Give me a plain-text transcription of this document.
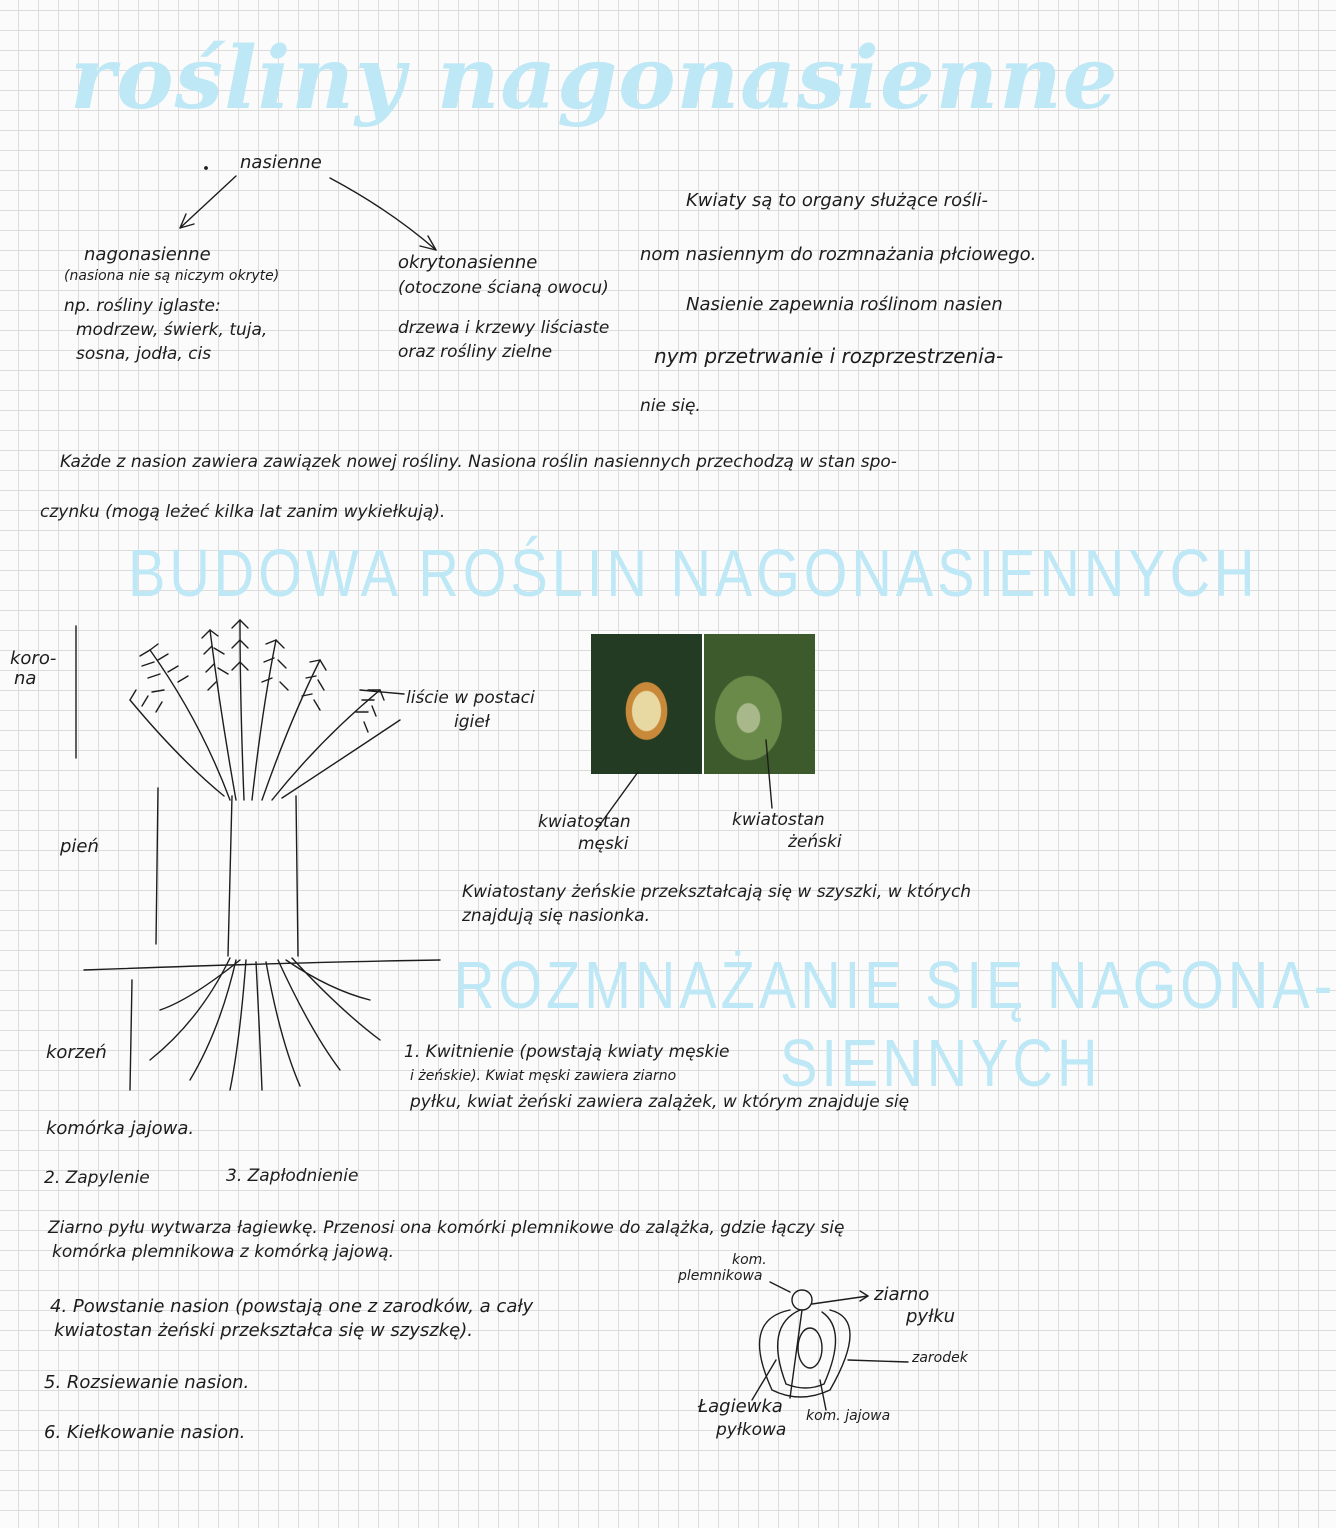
rośliny nagonasienne
nasienne
nagonasienne
(nasiona nie są niczym okryte)
np. rośliny iglaste:
modrzew, świerk, tuja,
sosna, jodła, cis
okrytonasienne
(otoczone ścianą owocu)
drzewa i krzewy liściaste
oraz rośliny zielne
Kwiaty są to organy służące rośli-
nom nasiennym do rozmnażania płciowego.
Nasienie zapewnia roślinom nasien
nym przetrwanie i rozprzestrzenia-
nie się.
Każde z nasion zawiera zawiązek nowej rośliny. Nasiona roślin nasiennych przechodzą w stan spo-
czynku (mogą leżeć kilka lat zanim wykiełkują).
BUDOWA ROŚLIN NAGONASIENNYCH
koro-
na
pień
korzeń
liście w postaci
igieł
kwiatostan
męski
kwiatostan
żeński
Kwiatostany żeńskie przekształcają się w szyszki, w których
znajdują się nasionka.
ROZMNAŻANIE SIĘ NAGONA-
SIENNYCH
1. Kwitnienie (powstają kwiaty męskie
i żeńskie). Kwiat męski zawiera ziarno
pyłku, kwiat żeński zawiera zalążek, w którym znajduje się
komórka jajowa.
2. Zapylenie	3. Zapłodnienie
Ziarno pyłu wytwarza łagiewkę. Przenosi ona komórki plemnikowe do zalążka, gdzie łączy się
komórka plemnikowa z komórką jajową.
4. Powstanie nasion (powstają one z zarodków, a cały
kwiatostan żeński przekształca się w szyszkę).
5. Rozsiewanie nasion.
6. Kiełkowanie nasion.
kom.
plemnikowa
ziarno
pyłku
zarodek
Łagiewka
pyłkowa
kom. jajowa
